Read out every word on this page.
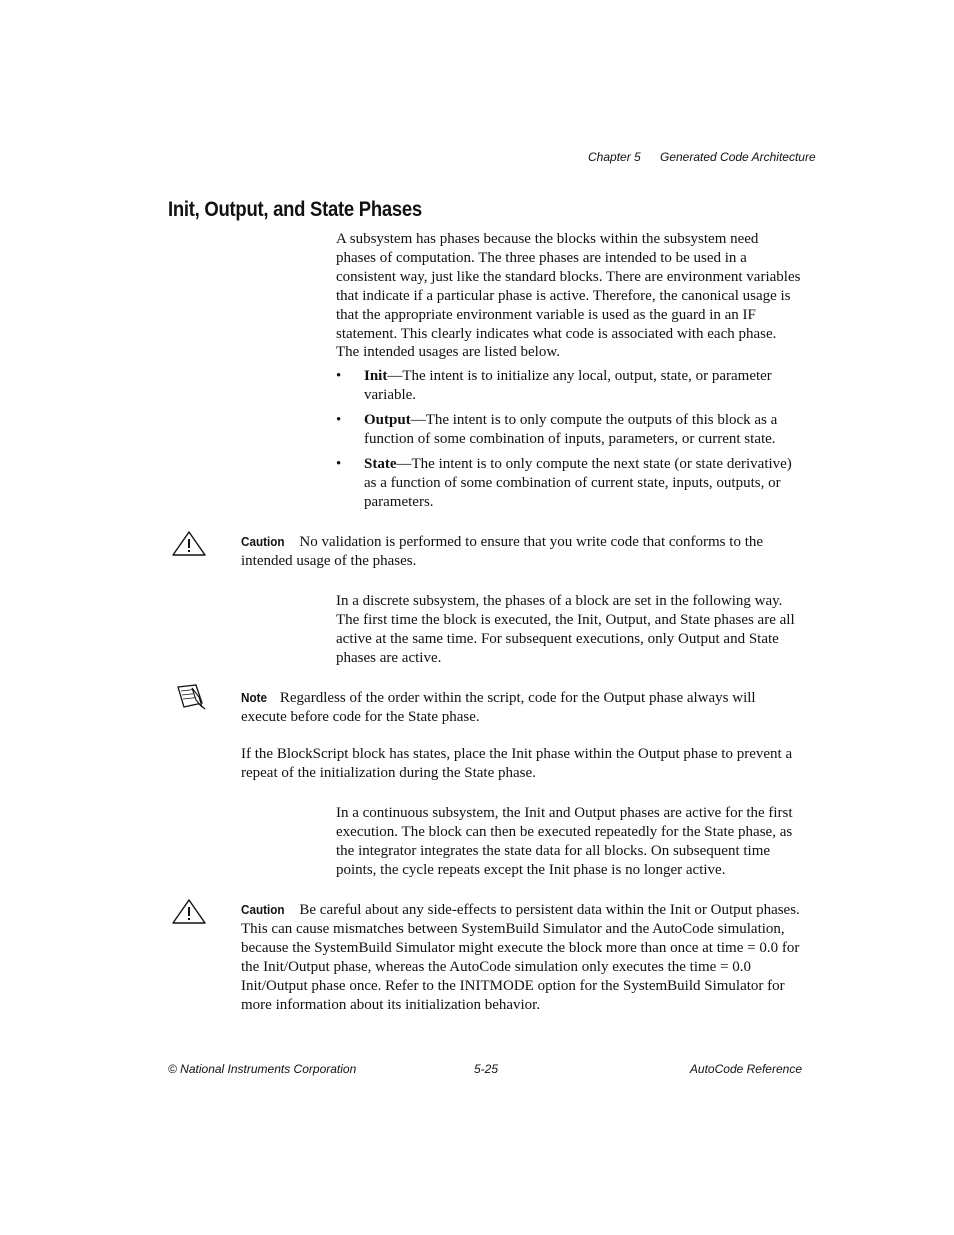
Chapter 5 Generated Code Architecture
Init, Output, and State Phases

A subsystem has phases because the blocks within the subsystem need phases of computation. The three phases are intended to be used in a consistent way, just like the standard blocks. There are environment variables that indicate if a particular phase is active. Therefore, the canonical usage is that the appropriate environment variable is used as the guard in an IF statement. This clearly indicates what code is associated with each phase. The intended usages are listed below.

• Init—The intent is to initialize any local, output, state, or parameter variable.
• Output—The intent is to only compute the outputs of this block as a function of some combination of inputs, parameters, or current state.
• State—The intent is to only compute the next state (or state derivative) as a function of some combination of current state, inputs, outputs, or parameters.

Caution No validation is performed to ensure that you write code that conforms to the intended usage of the phases.

In a discrete subsystem, the phases of a block are set in the following way. The first time the block is executed, the Init, Output, and State phases are all active at the same time. For subsequent executions, only Output and State phases are active.

Note Regardless of the order within the script, code for the Output phase always will execute before code for the State phase.

If the BlockScript block has states, place the Init phase within the Output phase to prevent a repeat of the initialization during the State phase.

In a continuous subsystem, the Init and Output phases are active for the first execution. The block can then be executed repeatedly for the State phase, as the integrator integrates the state data for all blocks. On subsequent time points, the cycle repeats except the Init phase is no longer active.

Caution Be careful about any side-effects to persistent data within the Init or Output phases. This can cause mismatches between SystemBuild Simulator and the AutoCode simulation, because the SystemBuild Simulator might execute the block more than once at time = 0.0 for the Init/Output phase, whereas the AutoCode simulation only executes the time = 0.0 Init/Output phase once. Refer to the INITMODE option for the SystemBuild Simulator for more information about its initialization behavior.

© National Instruments Corporation	5-25	AutoCode Reference
